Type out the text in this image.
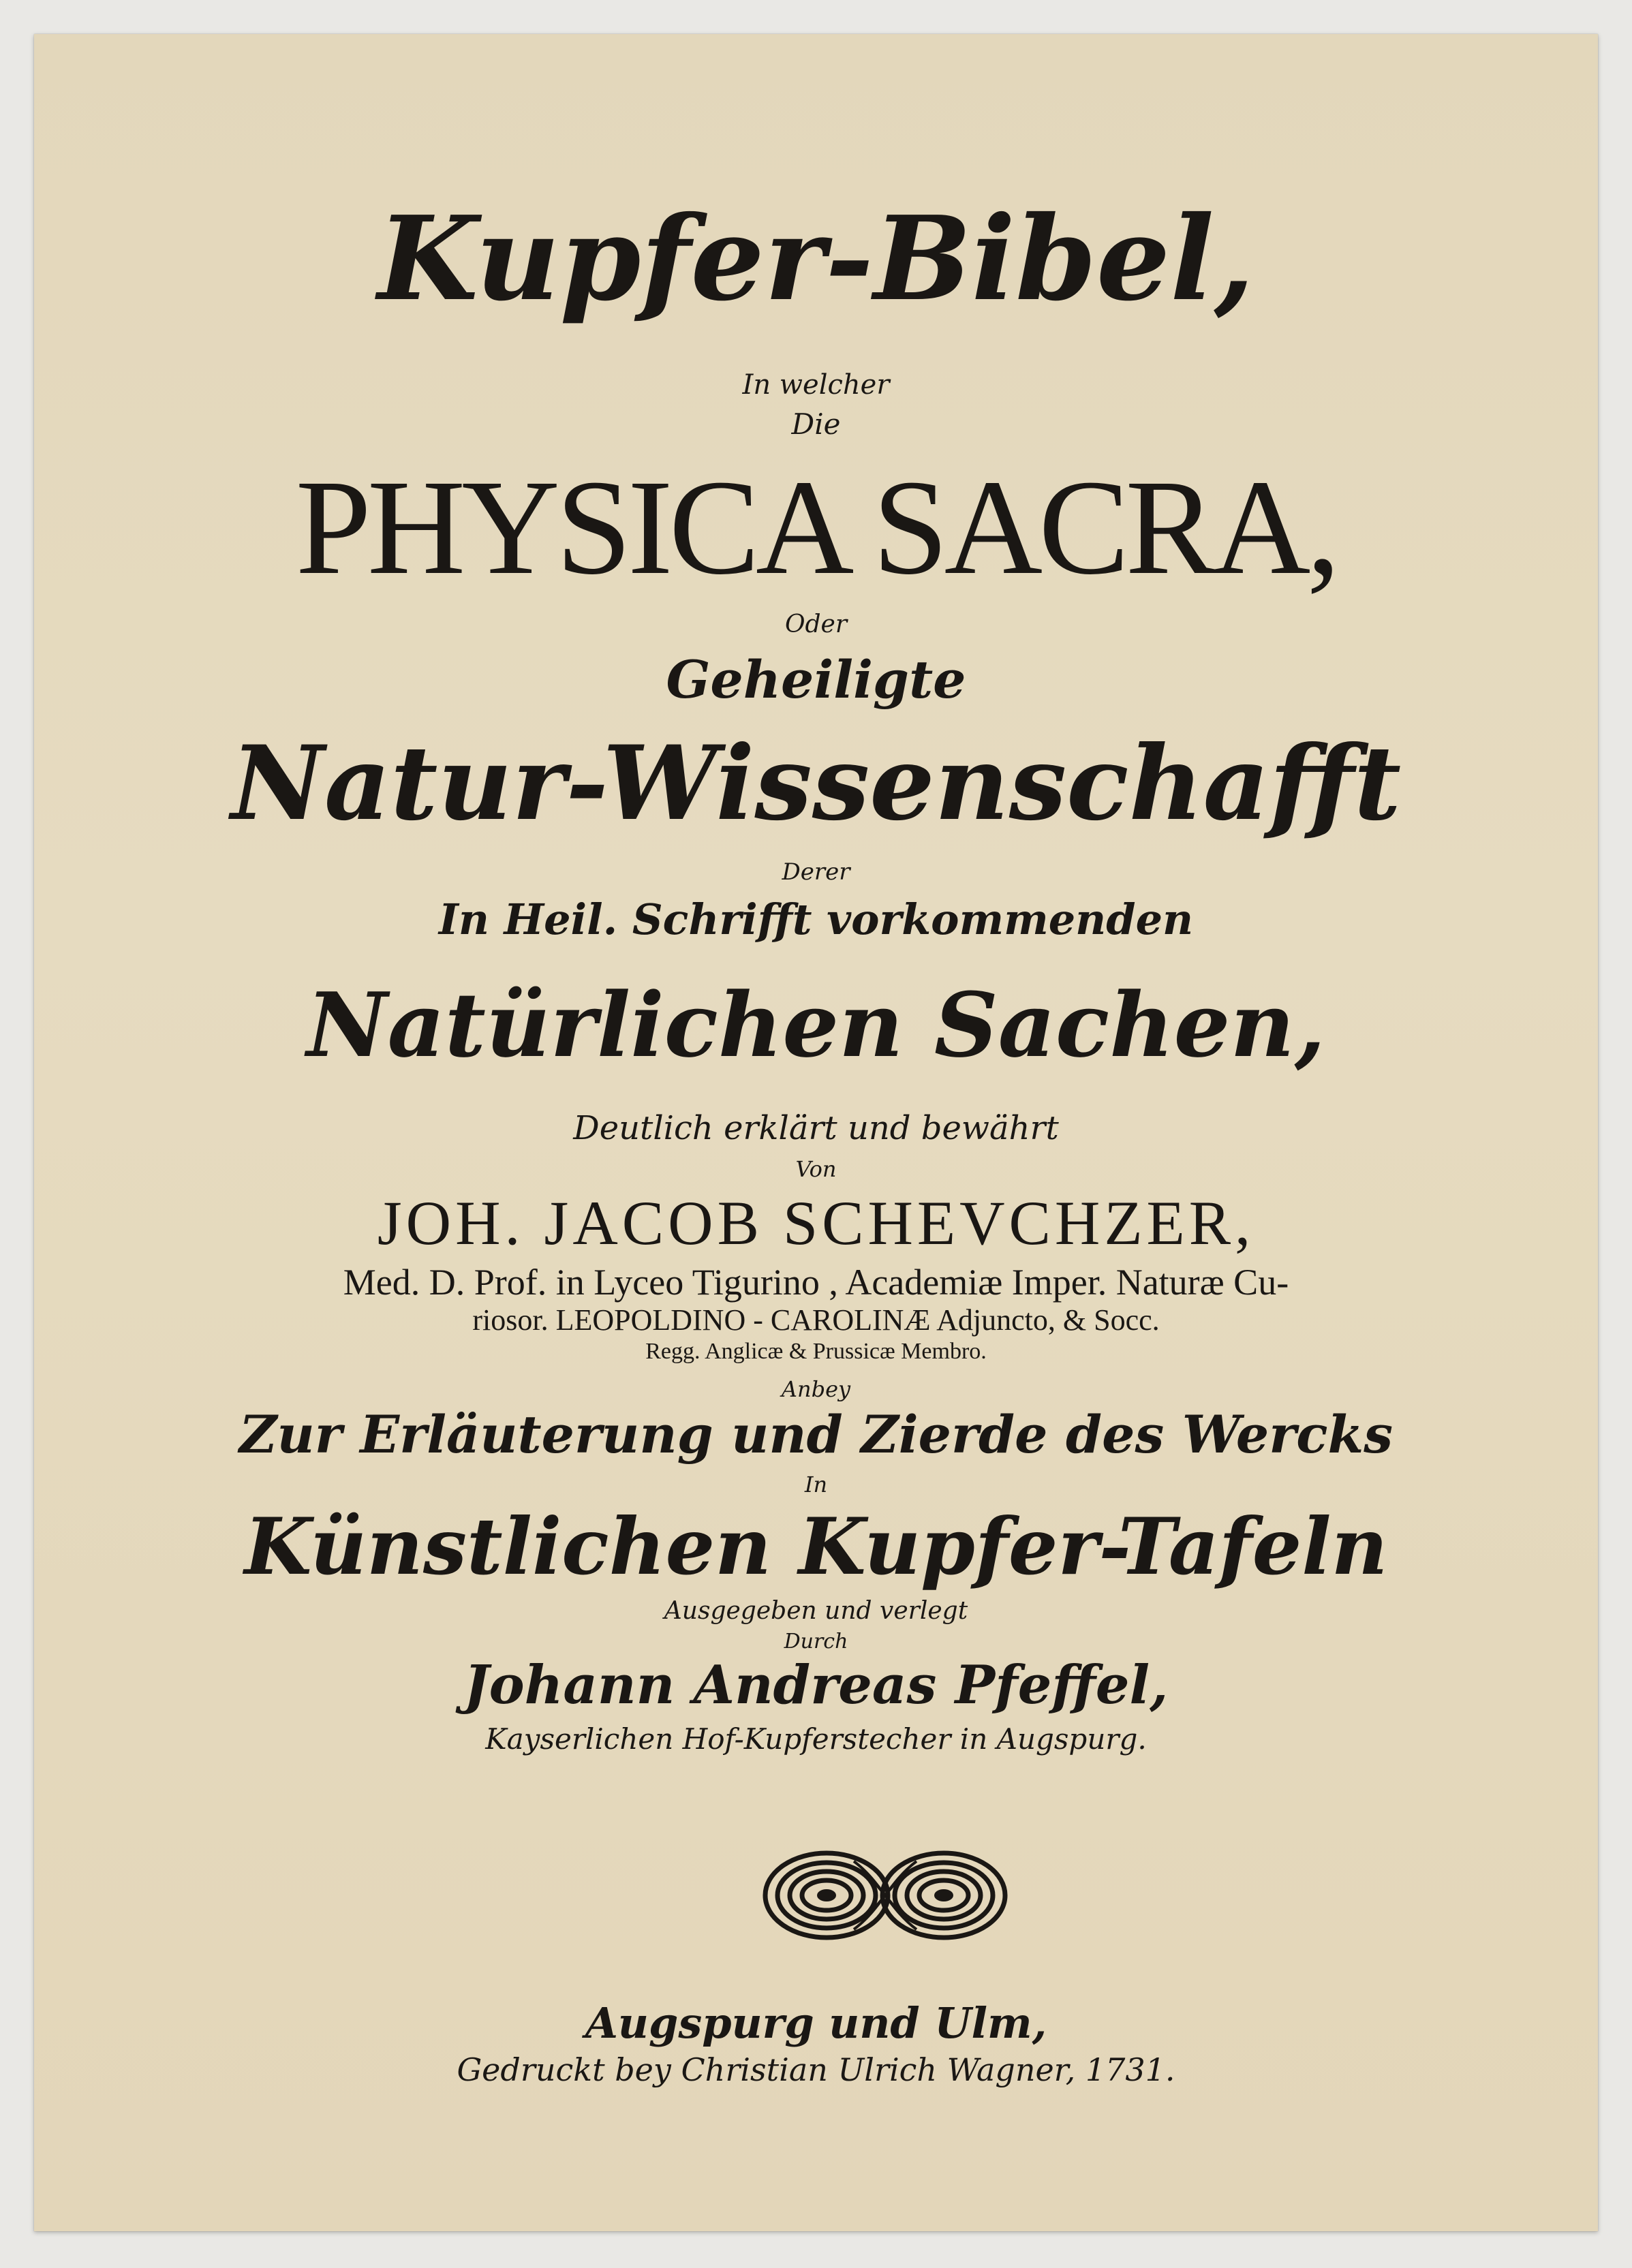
Kupfer-Bibel,

In welcher

Die

PHYSICA SACRA,

Oder

Geheiligte

Natur-Wissenschafft

Derer

In Heil. Schrifft vorkommenden

Natürlichen Sachen,

Deutlich erklärt und bewährt

Von

JOH. JACOB SCHEVCHZER,

Med. D. Prof. in Lyceo Tigurino , Academiæ Imper. Naturæ Cu-

riosor. LEOPOLDINO - CAROLINÆ Adjuncto, & Socc.

Regg. Anglicæ & Prussicæ Membro.

Anbey

Zur Erläuterung und Zierde des Wercks

In

Künstlichen Kupfer-Tafeln

Ausgegeben und verlegt

Durch

Johann Andreas Pfeffel,

Kayserlichen Hof-Kupferstecher in Augspurg.

Augspurg und Ulm,

Gedruckt bey Christian Ulrich Wagner, 1731.
